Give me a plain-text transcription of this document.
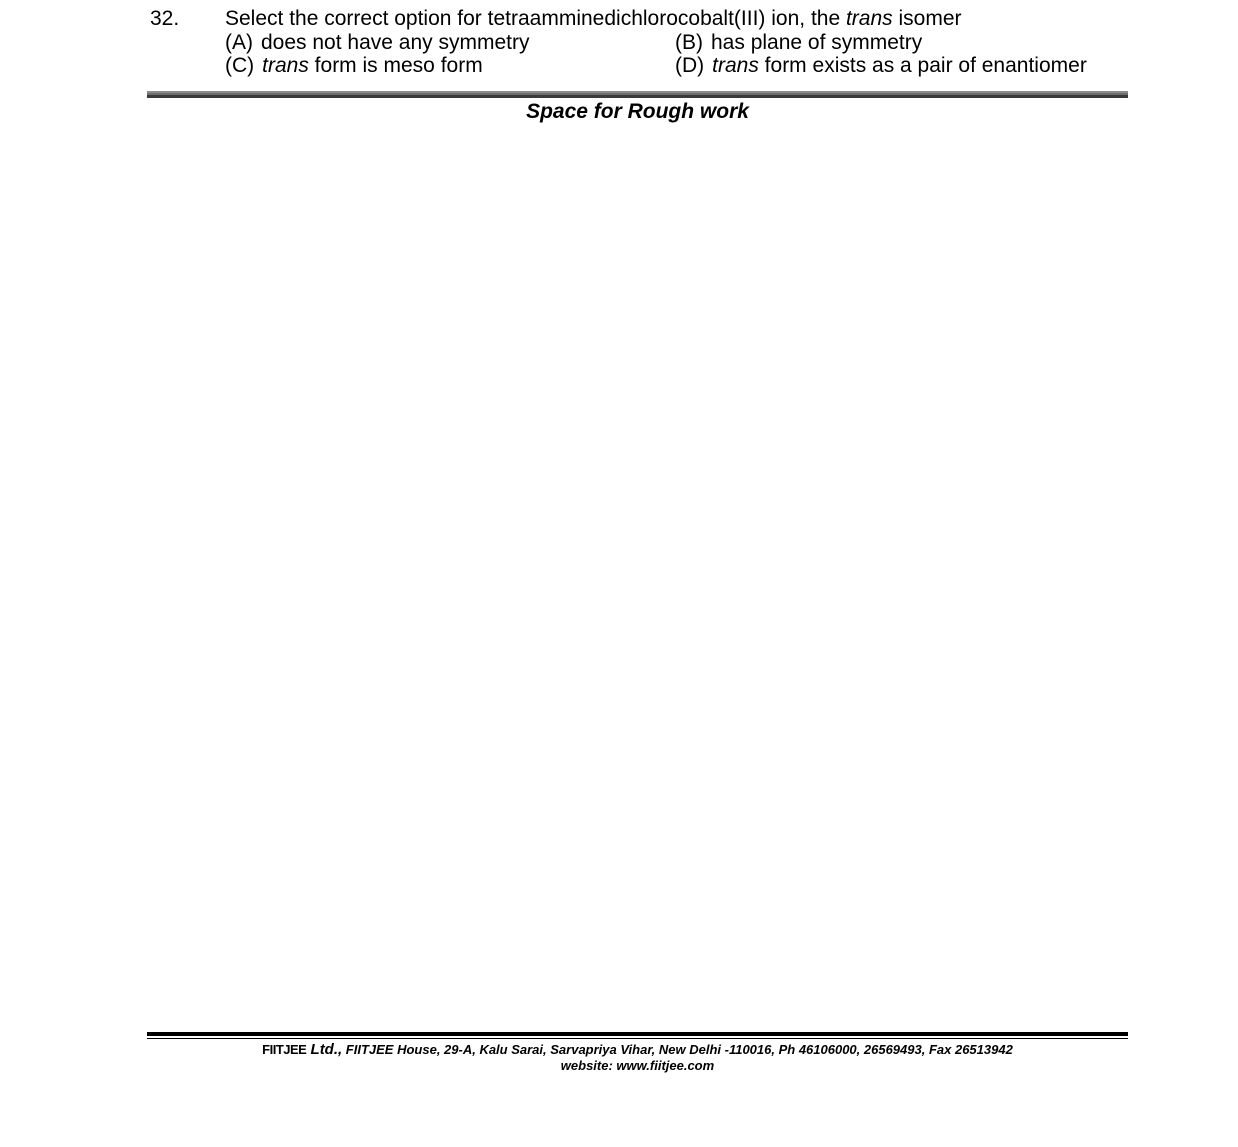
32. Select the correct option for tetraamminedichlorocobalt(III) ion, the trans isomer
(A) does not have any symmetry	(B) has plane of symmetry
(C) trans form is meso form	(D) trans form exists as a pair of enantiomer
Space for Rough work
FIITJEE Ltd., FIITJEE House, 29-A, Kalu Sarai, Sarvapriya Vihar, New Delhi -110016, Ph 46106000, 26569493, Fax 26513942
website: www.fiitjee.com
